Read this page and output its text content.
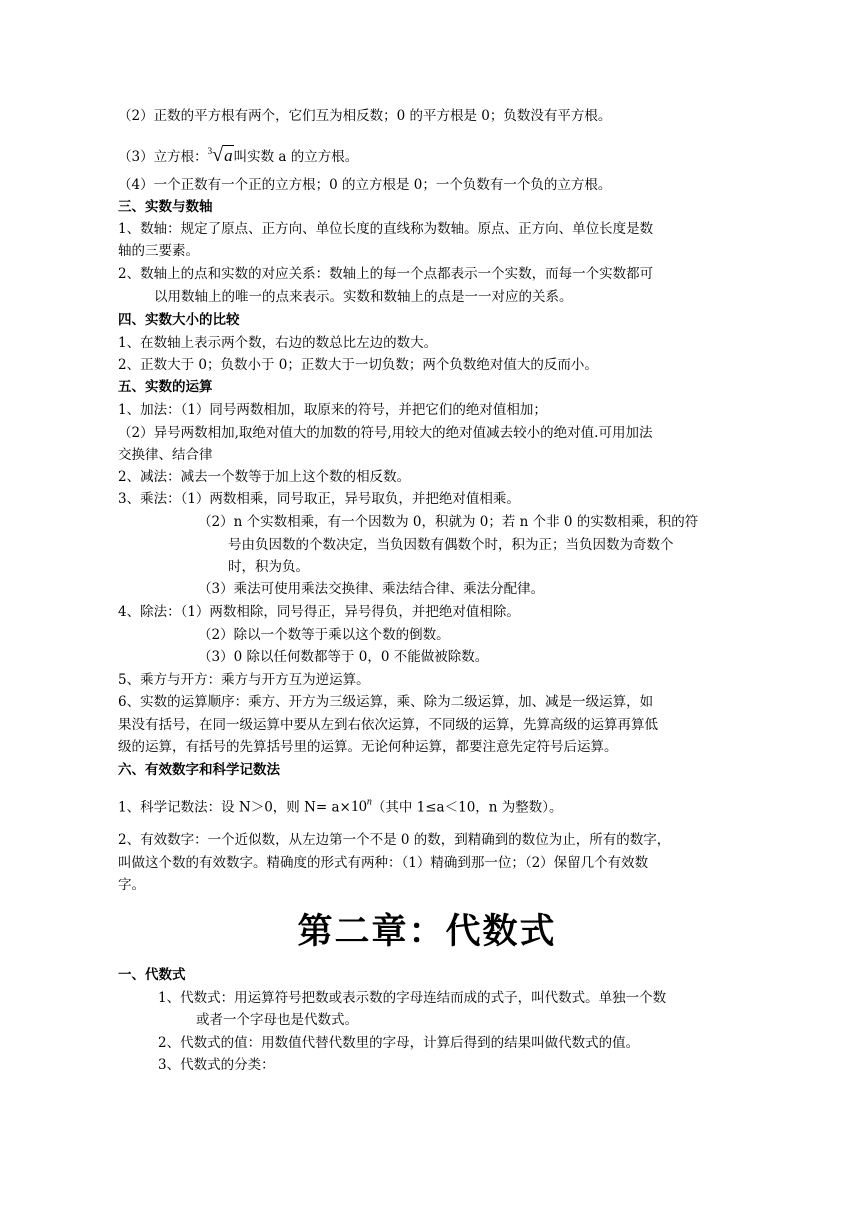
（2）正数的平方根有两个，它们互为相反数；0 的平方根是 0；负数没有平方根。
（3）立方根：$^3$√a叫实数 a 的立方根。
（4）一个正数有一个正的立方根；0 的立方根是 0；一个负数有一个负的立方根。
三、实数与数轴
1、数轴：规定了原点、正方向、单位长度的直线称为数轴。原点、正方向、单位长度是数
轴的三要素。
2、数轴上的点和实数的对应关系：数轴上的每一个点都表示一个实数，而每一个实数都可
以用数轴上的唯一的点来表示。实数和数轴上的点是一一对应的关系。
四、实数大小的比较
1、在数轴上表示两个数，右边的数总比左边的数大。
2、正数大于 0；负数小于 0；正数大于一切负数；两个负数绝对值大的反而小。
五、实数的运算
1、加法：（1）同号两数相加，取原来的符号，并把它们的绝对值相加；
（2）异号两数相加,取绝对值大的加数的符号,用较大的绝对值减去较小的绝对值.可用加法
交换律、结合律
2、减法：减去一个数等于加上这个数的相反数。
3、乘法：（1）两数相乘，同号取正，异号取负，并把绝对值相乘。
（2）n 个实数相乘，有一个因数为 0，积就为 0；若 n 个非 0 的实数相乘，积的符
号由负因数的个数决定，当负因数有偶数个时，积为正；当负因数为奇数个
时，积为负。
（3）乘法可使用乘法交换律、乘法结合律、乘法分配律。
4、除法：（1）两数相除，同号得正，异号得负，并把绝对值相除。
（2）除以一个数等于乘以这个数的倒数。
（3）0 除以任何数都等于 0，0 不能做被除数。
5、乘方与开方：乘方与开方互为逆运算。
6、实数的运算顺序：乘方、开方为三级运算，乘、除为二级运算，加、减是一级运算，如
果没有括号，在同一级运算中要从左到右依次运算，不同级的运算，先算高级的运算再算低
级的运算，有括号的先算括号里的运算。无论何种运算，都要注意先定符号后运算。
六、有效数字和科学记数法
1、科学记数法：设 N＞0，则 $N= a\times 10^n$（其中 1≤a＜10，n 为整数）。
2、有效数字：一个近似数，从左边第一个不是 0 的数，到精确到的数位为止，所有的数字，
叫做这个数的有效数字。精确度的形式有两种：（1）精确到那一位；（2）保留几个有效数
字。
第二章：代数式
一、代数式
1、代数式：用运算符号把数或表示数的字母连结而成的式子，叫代数式。单独一个数
或者一个字母也是代数式。
2、代数式的值：用数值代替代数里的字母，计算后得到的结果叫做代数式的值。
3、代数式的分类：
